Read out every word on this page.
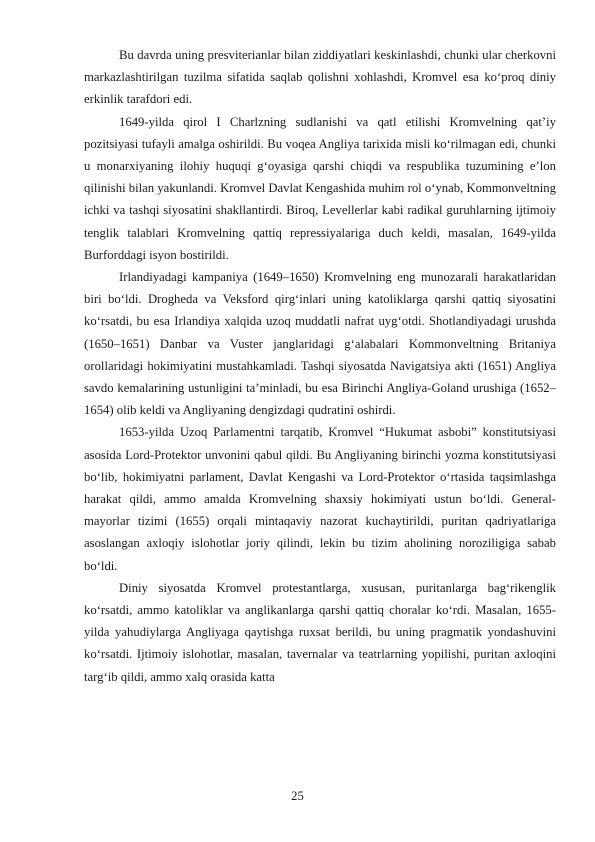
Bu davrda uning presviterianlar bilan ziddiyatlari keskinlashdi, chunki ular cherkovni markazlashtirilgan tuzilma sifatida saqlab qolishni xohlashdi, Kromvel esa ko‘proq diniy erkinlik tarafdori edi.

1649-yilda qirol I Charlzning sudlanishi va qatl etilishi Kromvelning qat’iy pozitsiyasi tufayli amalga oshirildi. Bu voqea Angliya tarixida misli ko‘rilmagan edi, chunki u monarxiyaning ilohiy huquqi g‘oyasiga qarshi chiqdi va respublika tuzumining e’lon qilinishi bilan yakunlandi. Kromvel Davlat Kengashida muhim rol o‘ynab, Kommonveltning ichki va tashqi siyosatini shakllantirdi. Biroq, Levellerlar kabi radikal guruhlarning ijtimoiy tenglik talablari Kromvelning qattiq repressiyalariga duch keldi, masalan, 1649-yilda Burforddagi isyon bostirildi.

Irlandiyadagi kampaniya (1649–1650) Kromvelning eng munozarali harakatlaridan biri bo‘ldi. Drogheda va Veksford qirg‘inlari uning katoliklarga qarshi qattiq siyosatini ko‘rsatdi, bu esa Irlandiya xalqida uzoq muddatli nafrat uyg‘otdi. Shotlandiyadagi urushda (1650–1651) Danbar va Vuster janglaridagi g‘alabalari Kommonveltning Britaniya orollaridagi hokimiyatini mustahkamladi. Tashqi siyosatda Navigatsiya akti (1651) Angliya savdo kemalarining ustunligini ta’minladi, bu esa Birinchi Angliya-Goland urushiga (1652–1654) olib keldi va Angliyaning dengizdagi qudratini oshirdi.

1653-yilda Uzoq Parlamentni tarqatib, Kromvel “Hukumat asbobi” konstitutsiyasi asosida Lord-Protektor unvonini qabul qildi. Bu Angliyaning birinchi yozma konstitutsiyasi bo‘lib, hokimiyatni parlament, Davlat Kengashi va Lord-Protektor o‘rtasida taqsimlashga harakat qildi, ammo amalda Kromvelning shaxsiy hokimiyati ustun bo‘ldi. General-mayorlar tizimi (1655) orqali mintaqaviy nazorat kuchaytirildi, puritan qadriyatlariga asoslangan axloqiy islohotlar joriy qilindi, lekin bu tizim aholining noroziligiga sabab bo‘ldi.

Diniy siyosatda Kromvel protestantlarga, xususan, puritanlarga bag‘rikenglik ko‘rsatdi, ammo katoliklar va anglikanlarga qarshi qattiq choralar ko‘rdi. Masalan, 1655-yilda yahudiylarga Angliyaga qaytishga ruxsat berildi, bu uning pragmatik yondashuvini ko‘rsatdi. Ijtimoiy islohotlar, masalan, tavernalar va teatrlarning yopilishi, puritan axloqini targ‘ib qildi, ammo xalq orasida katta

25
